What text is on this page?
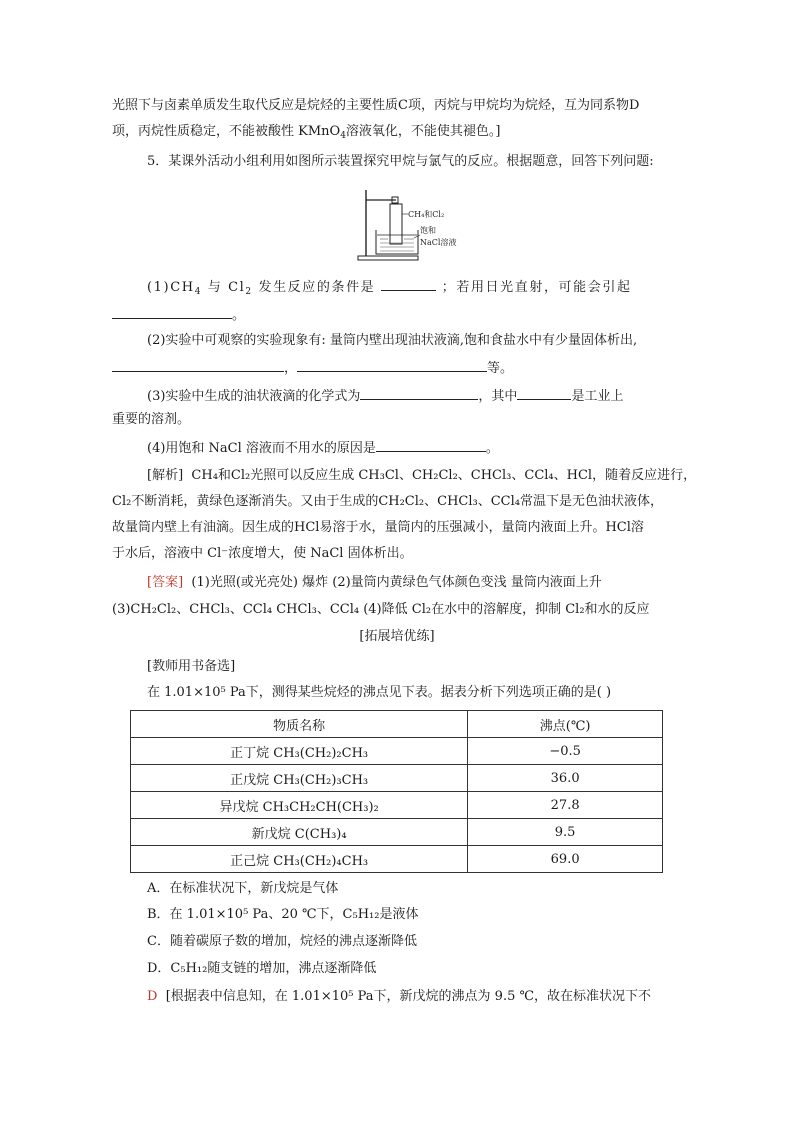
光照下与卤素单质发生取代反应是烷烃的主要性质C项，丙烷与甲烷均为烷烃，互为同系物D
项，丙烷性质稳定，不能被酸性 KMnO$_4$溶液氧化，不能使其褪色。]
5．某课外活动小组利用如图所示装置探究甲烷与氯气的反应。根据题意，回答下列问题:
CH₄和Cl₂
饱和
NaCl溶液
$(1)CH_4$ 与 $Cl_2$ 发生反应的条件是	；若用日光直射，可能会引起
。
(2)实验中可观察的实验现象有: 量筒内壁出现油状液滴,饱和食盐水中有少量固体析出,
，	等。
(3)实验中生成的油状液滴的化学式为	，其中	是工业上
重要的溶剂。
(4)用饱和 NaCl 溶液而不用水的原因是	。
[解析] CH₄和Cl₂光照可以反应生成 CH₃Cl、CH₂Cl₂、CHCl₃、CCl₄、HCl，随着反应进行，
Cl₂不断消耗，黄绿色逐渐消失。又由于生成的CH₂Cl₂、CHCl₃、CCl₄常温下是无色油状液体，
故量筒内壁上有油滴。因生成的HCl易溶于水，量筒内的压强减小，量筒内液面上升。HCl溶
于水后，溶液中 Cl⁻浓度增大，使 NaCl 固体析出。
[答案] (1)光照(或光亮处) 爆炸 (2)量筒内黄绿色气体颜色变浅 量筒内液面上升
(3)CH₂Cl₂、CHCl₃、CCl₄ CHCl₃、CCl₄ (4)降低 Cl₂在水中的溶解度，抑制 Cl₂和水的反应
[拓展培优练]
[教师用书备选]
在 1.01×10⁵ Pa下，测得某些烷烃的沸点见下表。据表分析下列选项正确的是( )
物质名称	沸点(℃)
正丁烷 CH₃(CH₂)₂CH₃	−0.5
正戊烷 CH₃(CH₂)₃CH₃	36.0
异戊烷 CH₃CH₂CH(CH₃)₂	27.8
新戊烷 C(CH₃)₄	9.5
正己烷 CH₃(CH₂)₄CH₃	69.0
A．在标准状况下，新戊烷是气体
B．在 1.01×10⁵ Pa、20 ℃下，C₅H₁₂是液体
C．随着碳原子数的增加，烷烃的沸点逐渐降低
D．C₅H₁₂随支链的增加，沸点逐渐降低
D [根据表中信息知，在 1.01×10⁵ Pa下，新戊烷的沸点为 9.5 ℃，故在标准状况下不
